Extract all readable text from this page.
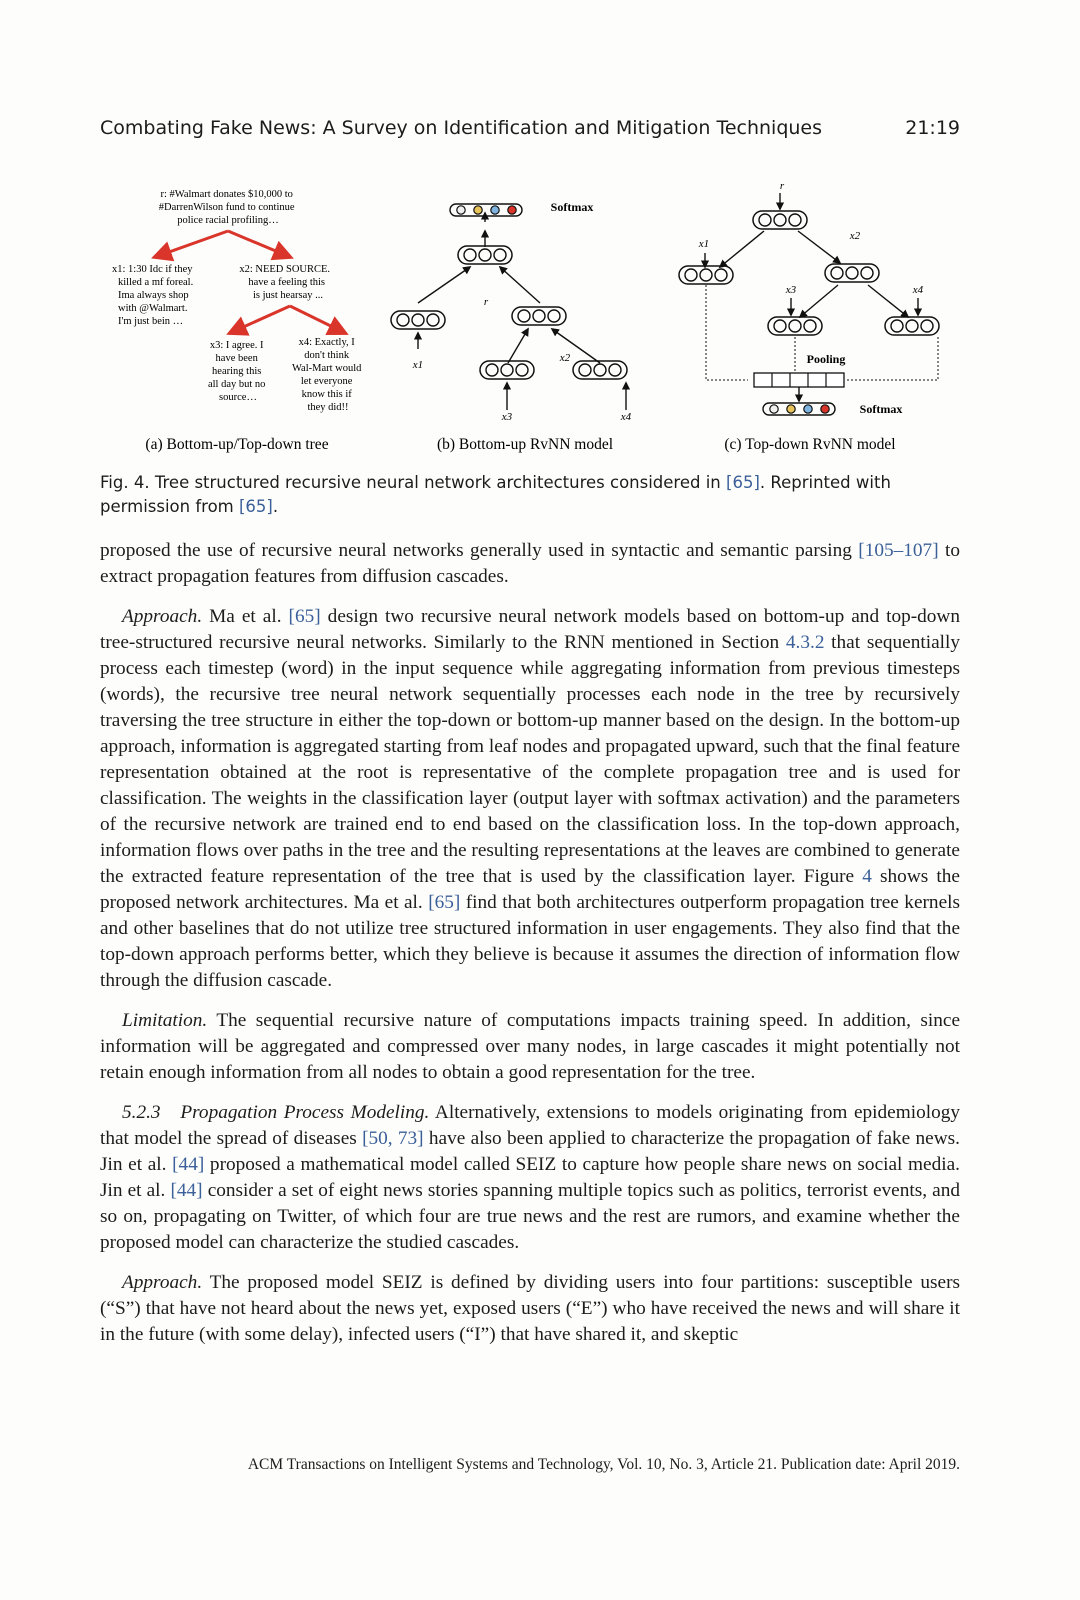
Combating Fake News: A Survey on Identification and Mitigation Techniques	21:19
r: #Walmart donates $10,000 to #DarrenWilson fund to continue police racial profiling…
x1: 1:30 Idc if they killed a mf foreal. Ima always shop with @Walmart. I'm just bein …
x2: NEED SOURCE. have a feeling this is just hearsay ...
x3: I agree. I have been hearing this all day but no source…
x4: Exactly, I don't think Wal-Mart would let everyone know this if they did!!
(a) Bottom-up/Top-down tree
Softmax
r
x1
x2
x3	x4
(b) Bottom-up RvNN model
r
x1
x2
x3	x4
Pooling
Softmax
(c) Top-down RvNN model
Fig. 4. Tree structured recursive neural network architectures considered in [65]. Reprinted with permission from [65].

proposed the use of recursive neural networks generally used in syntactic and semantic parsing [105–107] to extract propagation features from diffusion cascades.

Approach. Ma et al. [65] design two recursive neural network models based on bottom-up and top-down tree-structured recursive neural networks. Similarly to the RNN mentioned in Section 4.3.2 that sequentially process each timestep (word) in the input sequence while aggregating information from previous timesteps (words), the recursive tree neural network sequentially processes each node in the tree by recursively traversing the tree structure in either the top-down or bottom-up manner based on the design. In the bottom-up approach, information is aggregated starting from leaf nodes and propagated upward, such that the final feature representation obtained at the root is representative of the complete propagation tree and is used for classification. The weights in the classification layer (output layer with softmax activation) and the parameters of the recursive network are trained end to end based on the classification loss. In the top-down approach, information flows over paths in the tree and the resulting representations at the leaves are combined to generate the extracted feature representation of the tree that is used by the classification layer. Figure 4 shows the proposed network architectures. Ma et al. [65] find that both architectures outperform propagation tree kernels and other baselines that do not utilize tree structured information in user engagements. They also find that the top-down approach performs better, which they believe is because it assumes the direction of information flow through the diffusion cascade.

Limitation. The sequential recursive nature of computations impacts training speed. In addition, since information will be aggregated and compressed over many nodes, in large cascades it might potentially not retain enough information from all nodes to obtain a good representation for the tree.

5.2.3 Propagation Process Modeling. Alternatively, extensions to models originating from epidemiology that model the spread of diseases [50, 73] have also been applied to characterize the propagation of fake news. Jin et al. [44] proposed a mathematical model called SEIZ to capture how people share news on social media. Jin et al. [44] consider a set of eight news stories spanning multiple topics such as politics, terrorist events, and so on, propagating on Twitter, of which four are true news and the rest are rumors, and examine whether the proposed model can characterize the studied cascades.

Approach. The proposed model SEIZ is defined by dividing users into four partitions: susceptible users (“S”) that have not heard about the news yet, exposed users (“E”) who have received the news and will share it in the future (with some delay), infected users (“I”) that have shared it, and skeptic

ACM Transactions on Intelligent Systems and Technology, Vol. 10, No. 3, Article 21. Publication date: April 2019.
